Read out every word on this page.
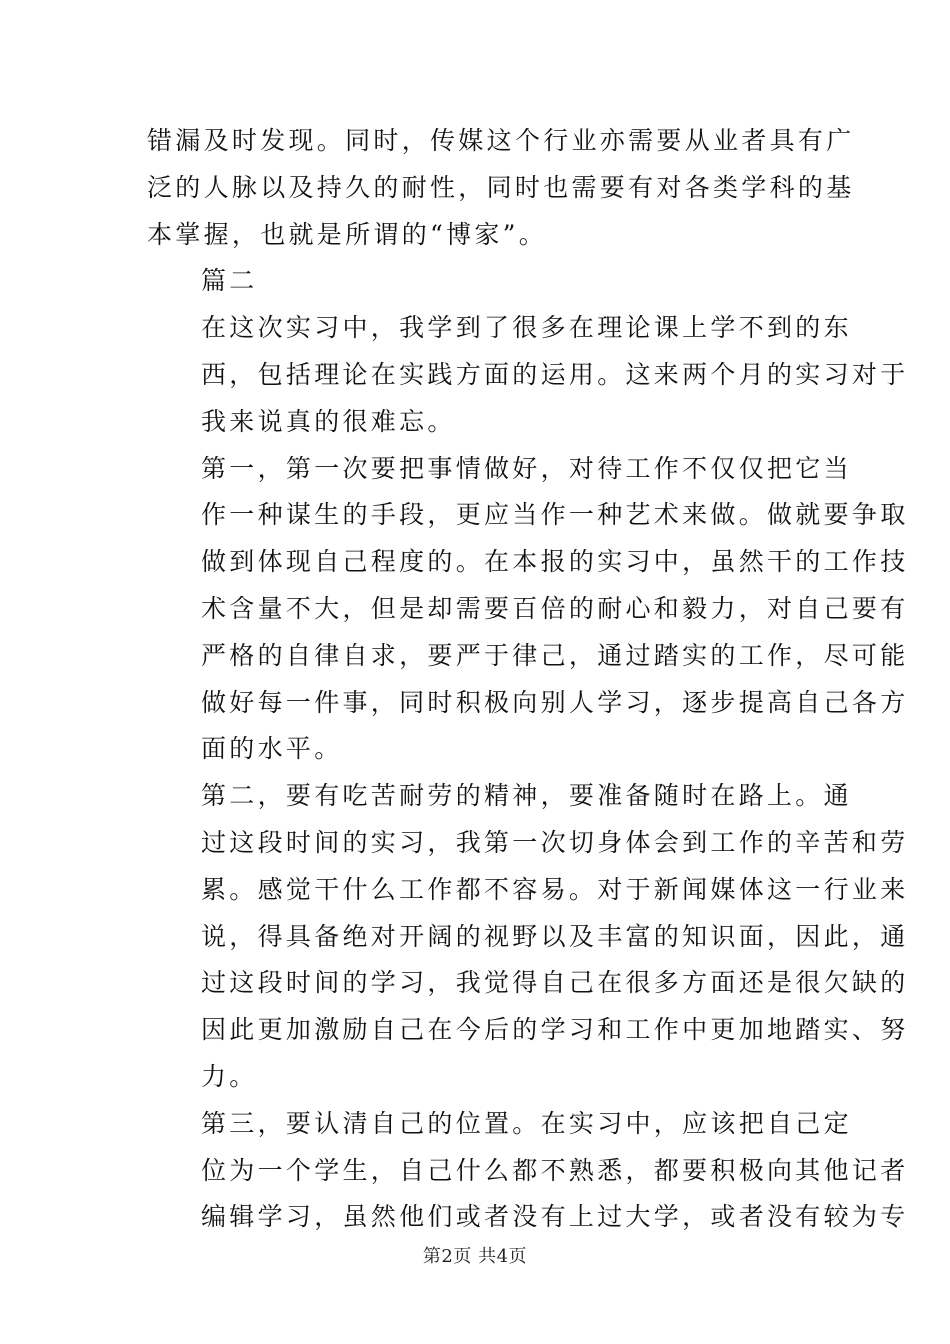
错漏及时发现。同时，传媒这个行业亦需要从业者具有广
泛的人脉以及持久的耐性，同时也需要有对各类学科的基
本掌握，也就是所谓的“博家”。

篇二

在这次实习中，我学到了很多在理论课上学不到的东
西，包括理论在实践方面的运用。这来两个月的实习对于
我来说真的很难忘。

第一，第一次要把事情做好，对待工作不仅仅把它当
作一种谋生的手段，更应当作一种艺术来做。做就要争取
做到体现自己程度的。在本报的实习中，虽然干的工作技
术含量不大，但是却需要百倍的耐心和毅力，对自己要有
严格的自律自求，要严于律己，通过踏实的工作，尽可能
做好每一件事，同时积极向别人学习，逐步提高自己各方
面的水平。

第二，要有吃苦耐劳的精神，要准备随时在路上。通
过这段时间的实习，我第一次切身体会到工作的辛苦和劳
累。感觉干什么工作都不容易。对于新闻媒体这一行业来
说，得具备绝对开阔的视野以及丰富的知识面，因此，通
过这段时间的学习，我觉得自己在很多方面还是很欠缺的
因此更加激励自己在今后的学习和工作中更加地踏实、努
力。

第三，要认清自己的位置。在实习中，应该把自己定
位为一个学生，自己什么都不熟悉，都要积极向其他记者
编辑学习，虽然他们或者没有上过大学，或者没有较为专

第2页 共4页
